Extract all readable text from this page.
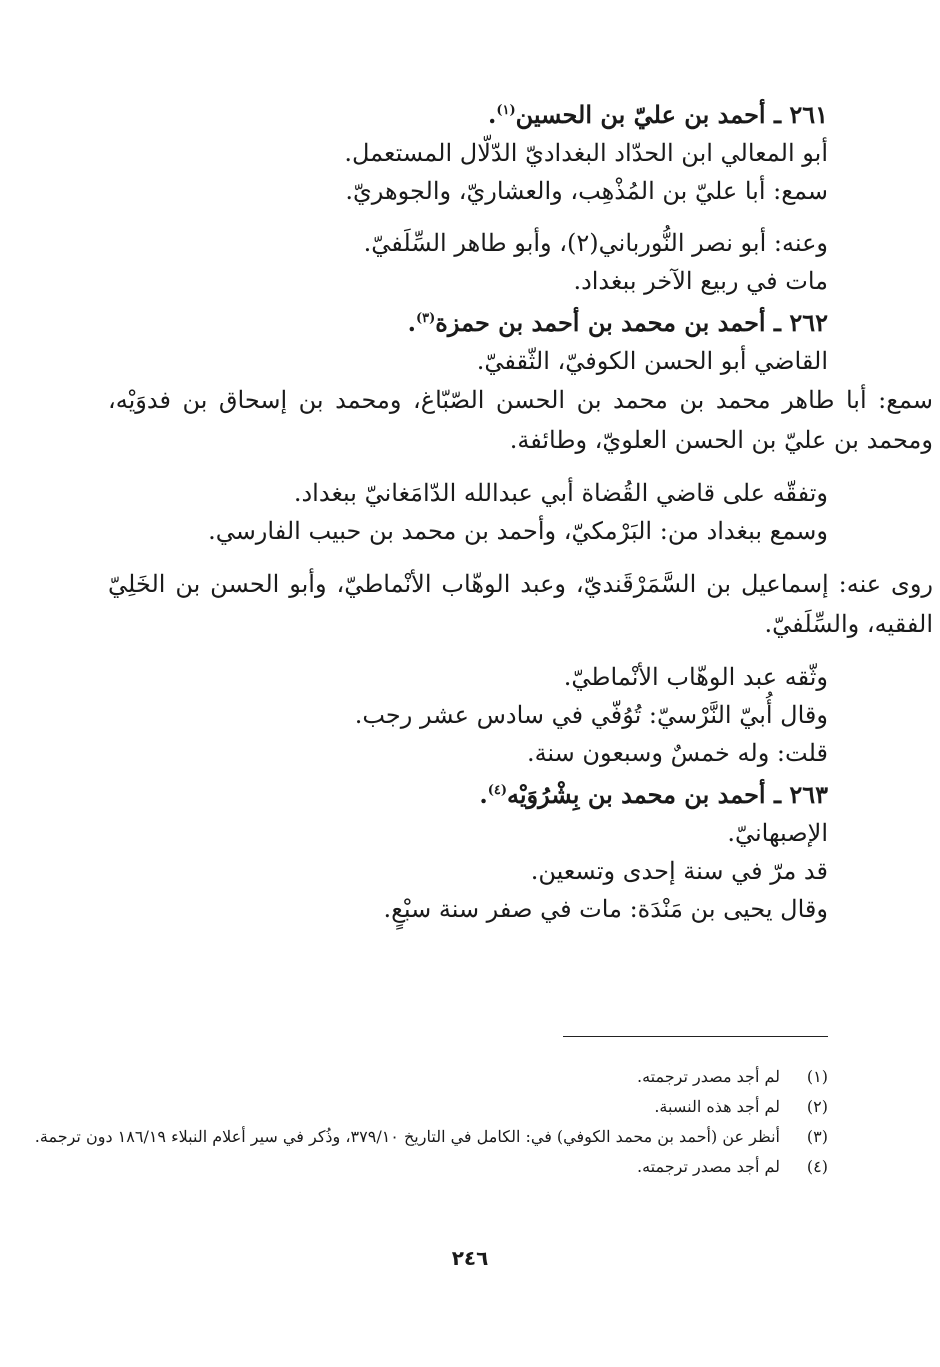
٢٦١ ـ أحمد بن عليّ بن الحسين$^{(١)}$.

أبو المعالي ابن الحدّاد البغداديّ الدّلّال المستعمل.

سمع: أبا عليّ بن المُذْهِب، والعشاريّ، والجوهريّ.

وعنه: أبو نصر النُّورباني(٢)، وأبو طاهر السِّلَفيّ.

مات في ربيع الآخر ببغداد.

٢٦٢ ـ أحمد بن محمد بن أحمد بن حمزة$^{(٣)}$.

القاضي أبو الحسن الكوفيّ، الثّقفيّ.

سمع: أبا طاهر محمد بن محمد بن الحسن الصّبّاغ، ومحمد بن إسحاق بن فدوَيْه، ومحمد بن عليّ بن الحسن العلويّ، وطائفة.

وتفقّه على قاضي القُضاة أبي عبدالله الدّامَغانيّ ببغداد.

وسمع ببغداد من: البَرْمكيّ، وأحمد بن محمد بن حبيب الفارسي.

روى عنه: إسماعيل بن السَّمَرْقَنديّ، وعبد الوهّاب الأنْماطيّ، وأبو الحسن بن الخَلِيّ الفقيه، والسِّلَفيّ.

وثّقه عبد الوهّاب الأنْماطيّ.

وقال أُبيّ النَّرْسيّ: تُوُفّي في سادس عشر رجب.

قلت: وله خمسٌ وسبعون سنة.

٢٦٣ ـ أحمد بن محمد بن بِشْرُوَيْه$^{(٤)}$.

الإصبهانيّ.

قد مرّ في سنة إحدى وتسعين.

وقال يحيى بن مَنْدَة: مات في صفر سنة سبْعٍ.

(١)
لم أجد مصدر ترجمته.
(٢)
لم أجد هذه النسبة.
(٣)
أنظر عن (أحمد بن محمد الكوفي) في: الكامل في التاريخ ٣٧٩/١٠، وذُكر في سير أعلام النبلاء ١٨٦/١٩ دون ترجمة.
(٤)
لم أجد مصدر ترجمته.
٢٤٦
